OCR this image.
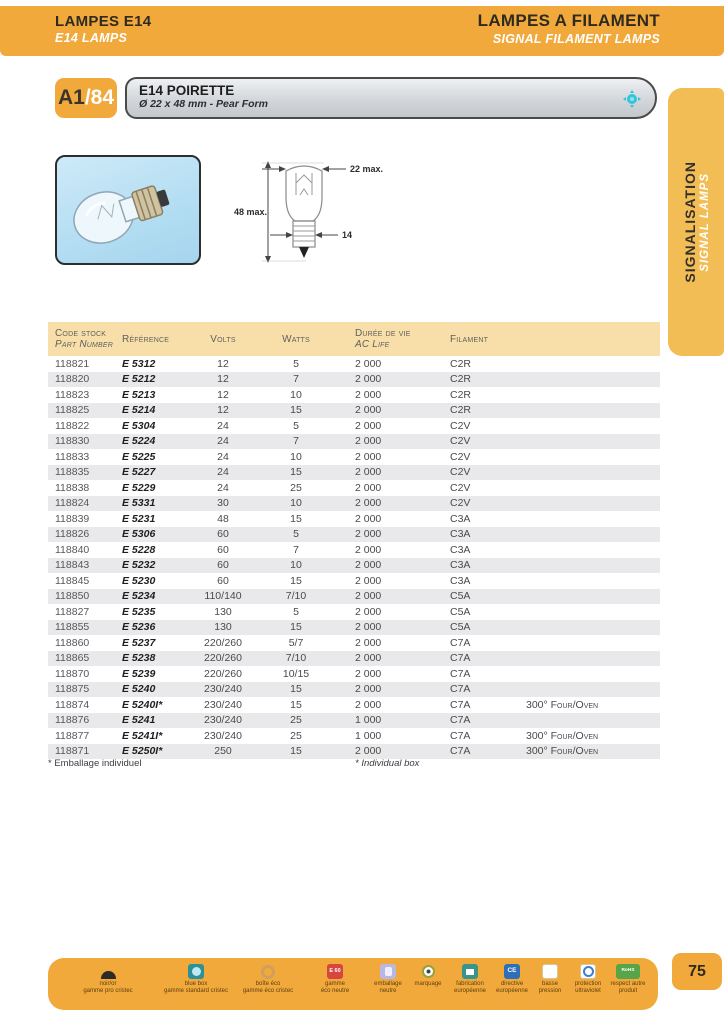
LAMPES E14
E14 LAMPS
LAMPES A FILAMENT
SIGNAL FILAMENT LAMPS
A1 /84 E14 POIRETTE
Ø 22 x 48 mm - Pear Form
SIGNALISATION SIGNAL LAMPS
22 max.
48 max.
14
Code stock
Part Number Référence	Volts	Watts	Durée de vie
AC Life	Filament
118821	E 5312	12	5	2 000	C2R
118820	E 5212	12	7	2 000	C2R
118823	E 5213	12	10	2 000	C2R
118825	E 5214	12	15	2 000	C2R
118822	E 5304	24	5	2 000	C2V
118830	E 5224	24	7	2 000	C2V
118833	E 5225	24	10	2 000	C2V
118835	E 5227	24	15	2 000	C2V
118838	E 5229	24	25	2 000	C2V
118824	E 5331	30	10	2 000	C2V
118839	E 5231	48	15	2 000	C3A
118826	E 5306	60	5	2 000	C3A
118840	E 5228	60	7	2 000	C3A
118843	E 5232	60	10	2 000	C3A
118845	E 5230	60	15	2 000	C3A
118850	E 5234	110/140	7/10	2 000	C5A
118827	E 5235	130	5	2 000	C5A
118855	E 5236	130	15	2 000	C5A
118860	E 5237	220/260	5/7	2 000	C7A
118865	E 5238	220/260	7/10	2 000	C7A
118870	E 5239	220/260	10/15	2 000	C7A
118875	E 5240	230/240	15	2 000	C7A
118874	E 5240I*	230/240	15	2 000	C7A	300° Four/Oven
118876	E 5241	230/240	25	1 000	C7A
118877	E 5241I*	230/240	25	1 000	C7A	300° Four/Oven
118871	E 5250I*	250	15	2 000	C7A	300° Four/Oven
* Emballage individuel	* Individual box
noir/or
gamme pro cristec
blue box
gamme standard cristec
boîte éco
gamme éco cristec
E 60
gamme
éco neutre
emballage
neutre
marquage	fabrication
européenne
CE
directive
européenne
basse
pression
protection
ultraviolet
RoHS
respect autre
produit
75
